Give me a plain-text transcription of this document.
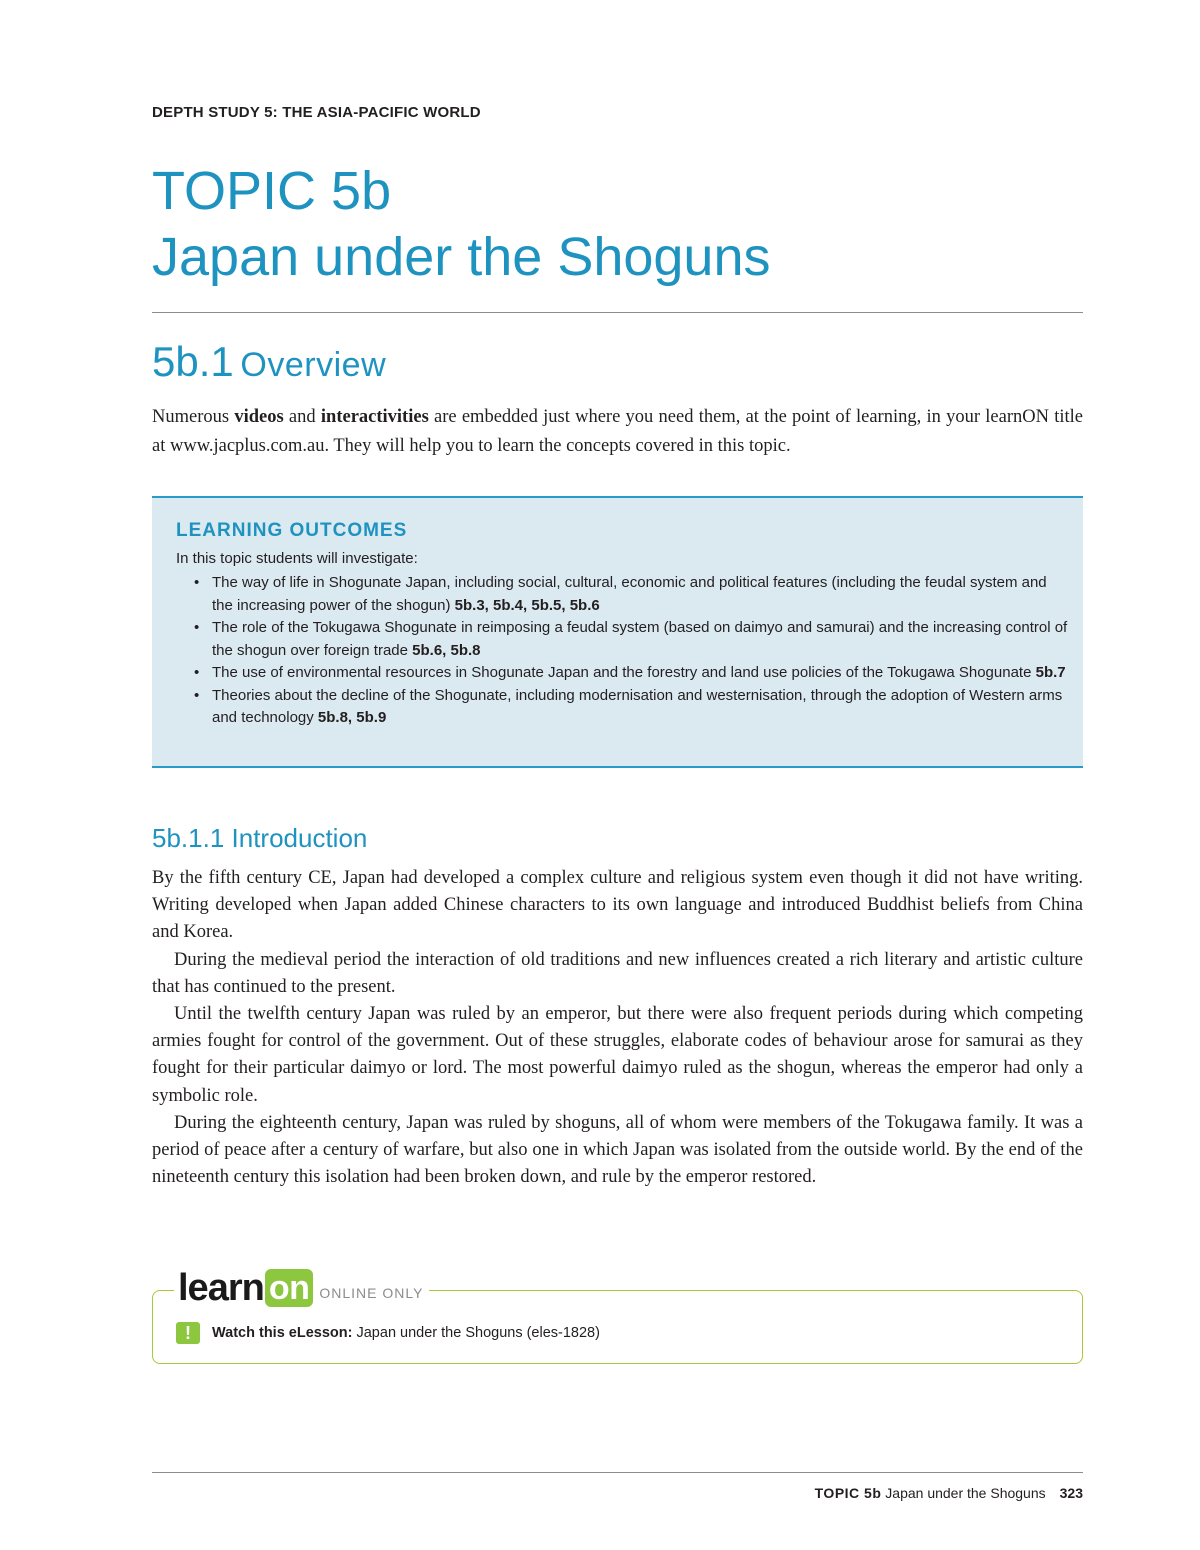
DEPTH STUDY 5: THE ASIA-PACIFIC WORLD
TOPIC 5b
Japan under the Shoguns
5b.1 Overview

Numerous videos and interactivities are embedded just where you need them, at the point of learning, in your learnON title at www.jacplus.com.au. They will help you to learn the concepts covered in this topic.

LEARNING OUTCOMES
In this topic students will investigate:
• The way of life in Shogunate Japan, including social, cultural, economic and political features (including the feudal system and the increasing power of the shogun) 5b.3, 5b.4, 5b.5, 5b.6
• The role of the Tokugawa Shogunate in reimposing a feudal system (based on daimyo and samurai) and the increasing control of the shogun over foreign trade 5b.6, 5b.8
• The use of environmental resources in Shogunate Japan and the forestry and land use policies of the Tokugawa Shogunate 5b.7
• Theories about the decline of the Shogunate, including modernisation and westernisation, through the adoption of Western arms and technology 5b.8, 5b.9
5b.1.1 Introduction

By the fifth century CE, Japan had developed a complex culture and religious system even though it did not have writing. Writing developed when Japan added Chinese characters to its own language and introduced Buddhist beliefs from China and Korea.

During the medieval period the interaction of old traditions and new influences created a rich literary and artistic culture that has continued to the present.

Until the twelfth century Japan was ruled by an emperor, but there were also frequent periods during which competing armies fought for control of the government. Out of these struggles, elaborate codes of behaviour arose for samurai as they fought for their particular daimyo or lord. The most powerful daimyo ruled as the shogun, whereas the emperor had only a symbolic role.

During the eighteenth century, Japan was ruled by shoguns, all of whom were members of the Tokugawa family. It was a period of peace after a century of warfare, but also one in which Japan was isolated from the outside world. By the end of the nineteenth century this isolation had been broken down, and rule by the emperor restored.

learn on ONLINE ONLY
!	Watch this eLesson: Japan under the Shoguns (eles-1828)
TOPIC 5b Japan under the Shoguns 323
